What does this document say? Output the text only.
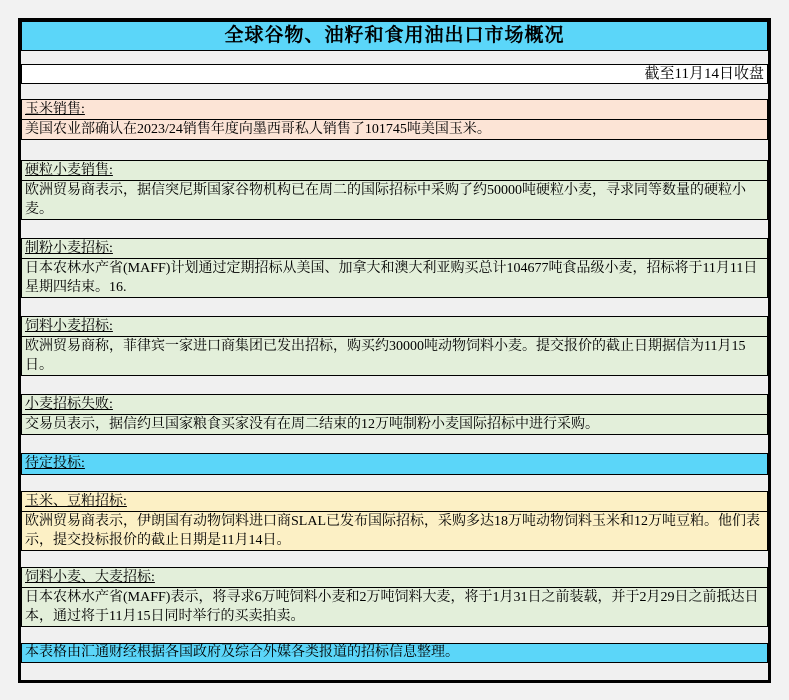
全球谷物、油籽和食用油出口市场概况
截至11月14日收盘
玉米销售:
美国农业部确认在2023/24销售年度向墨西哥私人销售了101745吨美国玉米。
硬粒小麦销售:
欧洲贸易商表示，据信突尼斯国家谷物机构已在周二的国际招标中采购了约50000吨硬粒小麦，寻求同等数量的硬粒小麦。
制粉小麦招标:
日本农林水产省(MAFF)计划通过定期招标从美国、加拿大和澳大利亚购买总计104677吨食品级小麦，招标将于11月11日星期四结束。16.
饲料小麦招标:
欧洲贸易商称，菲律宾一家进口商集团已发出招标，购买约30000吨动物饲料小麦。提交报价的截止日期据信为11月15日。
小麦招标失败:
交易员表示，据信约旦国家粮食买家没有在周二结束的12万吨制粉小麦国际招标中进行采购。
待定投标:
玉米、豆粕招标:
欧洲贸易商表示，伊朗国有动物饲料进口商SLAL已发布国际招标，采购多达18万吨动物饲料玉米和12万吨豆粕。他们表示，提交投标报价的截止日期是11月14日。
饲料小麦、大麦招标:
日本农林水产省(MAFF)表示，将寻求6万吨饲料小麦和2万吨饲料大麦，将于1月31日之前装载，并于2月29日之前抵达日本，通过将于11月15日同时举行的买卖拍卖。
本表格由汇通财经根据各国政府及综合外媒各类报道的招标信息整理。
